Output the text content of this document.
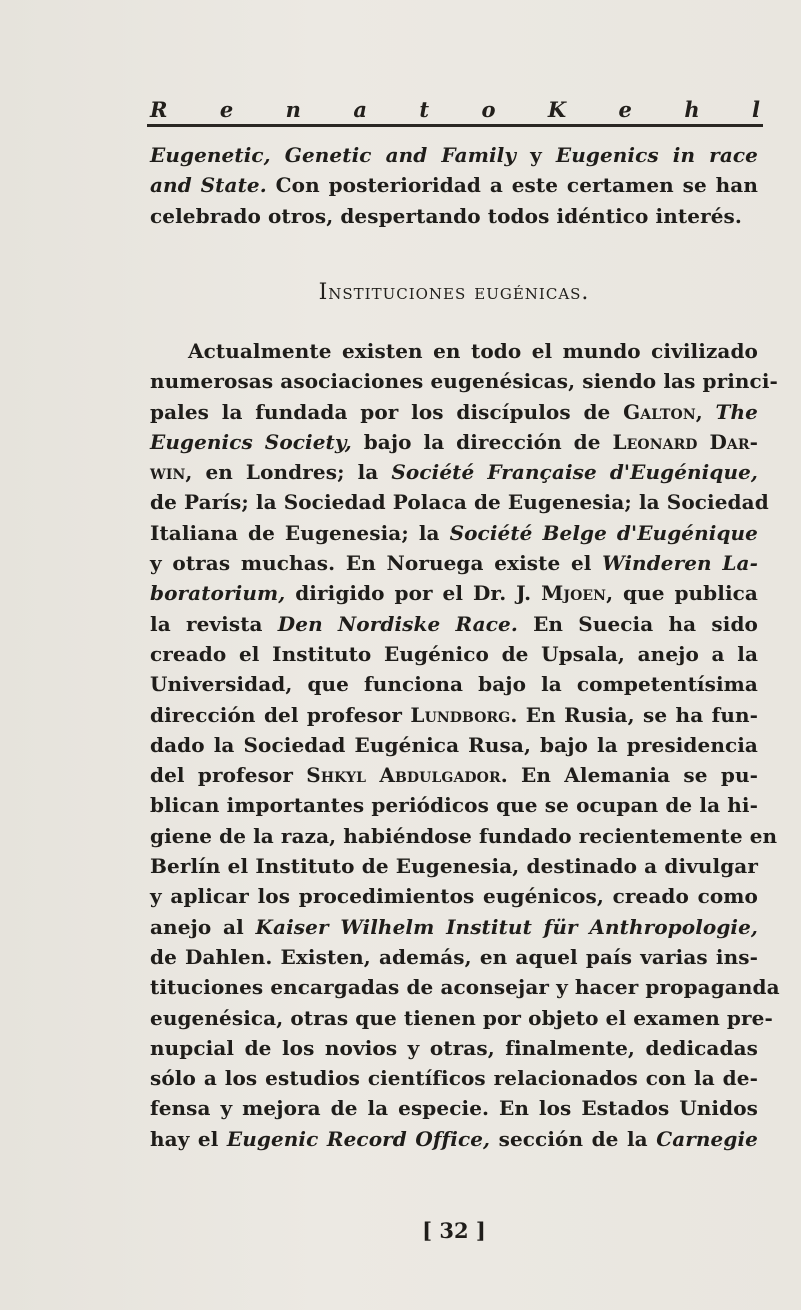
R e n a t o K e h l
Eugenetic, Genetic and Family y Eugenics in race
and State. Con posterioridad a este certamen se han
celebrado otros, despertando todos idéntico interés.
Instituciones eugénicas.
Actualmente existen en todo el mundo civilizado
numerosas asociaciones eugenésicas, siendo las princi-
pales la fundada por los discípulos de Galton, The
Eugenics Society, bajo la dirección de Leonard Dar-
win, en Londres; la Société Française d'Eugénique,
de París; la Sociedad Polaca de Eugenesia; la Sociedad
Italiana de Eugenesia; la Société Belge d'Eugénique
y otras muchas. En Noruega existe el Winderen La-
boratorium, dirigido por el Dr. J. Mjoen, que publica
la revista Den Nordiske Race. En Suecia ha sido
creado el Instituto Eugénico de Upsala, anejo a la
Universidad, que funciona bajo la competentísima
dirección del profesor Lundborg. En Rusia, se ha fun-
dado la Sociedad Eugénica Rusa, bajo la presidencia
del profesor Shkyl Abdulgador. En Alemania se pu-
blican importantes periódicos que se ocupan de la hi-
giene de la raza, habiéndose fundado recientemente en
Berlín el Instituto de Eugenesia, destinado a divulgar
y aplicar los procedimientos eugénicos, creado como
anejo al Kaiser Wilhelm Institut für Anthropologie,
de Dahlen. Existen, además, en aquel país varias ins-
tituciones encargadas de aconsejar y hacer propaganda
eugenésica, otras que tienen por objeto el examen pre-
nupcial de los novios y otras, finalmente, dedicadas
sólo a los estudios científicos relacionados con la de-
fensa y mejora de la especie. En los Estados Unidos
hay el Eugenic Record Office, sección de la Carnegie
[ 32 ]
